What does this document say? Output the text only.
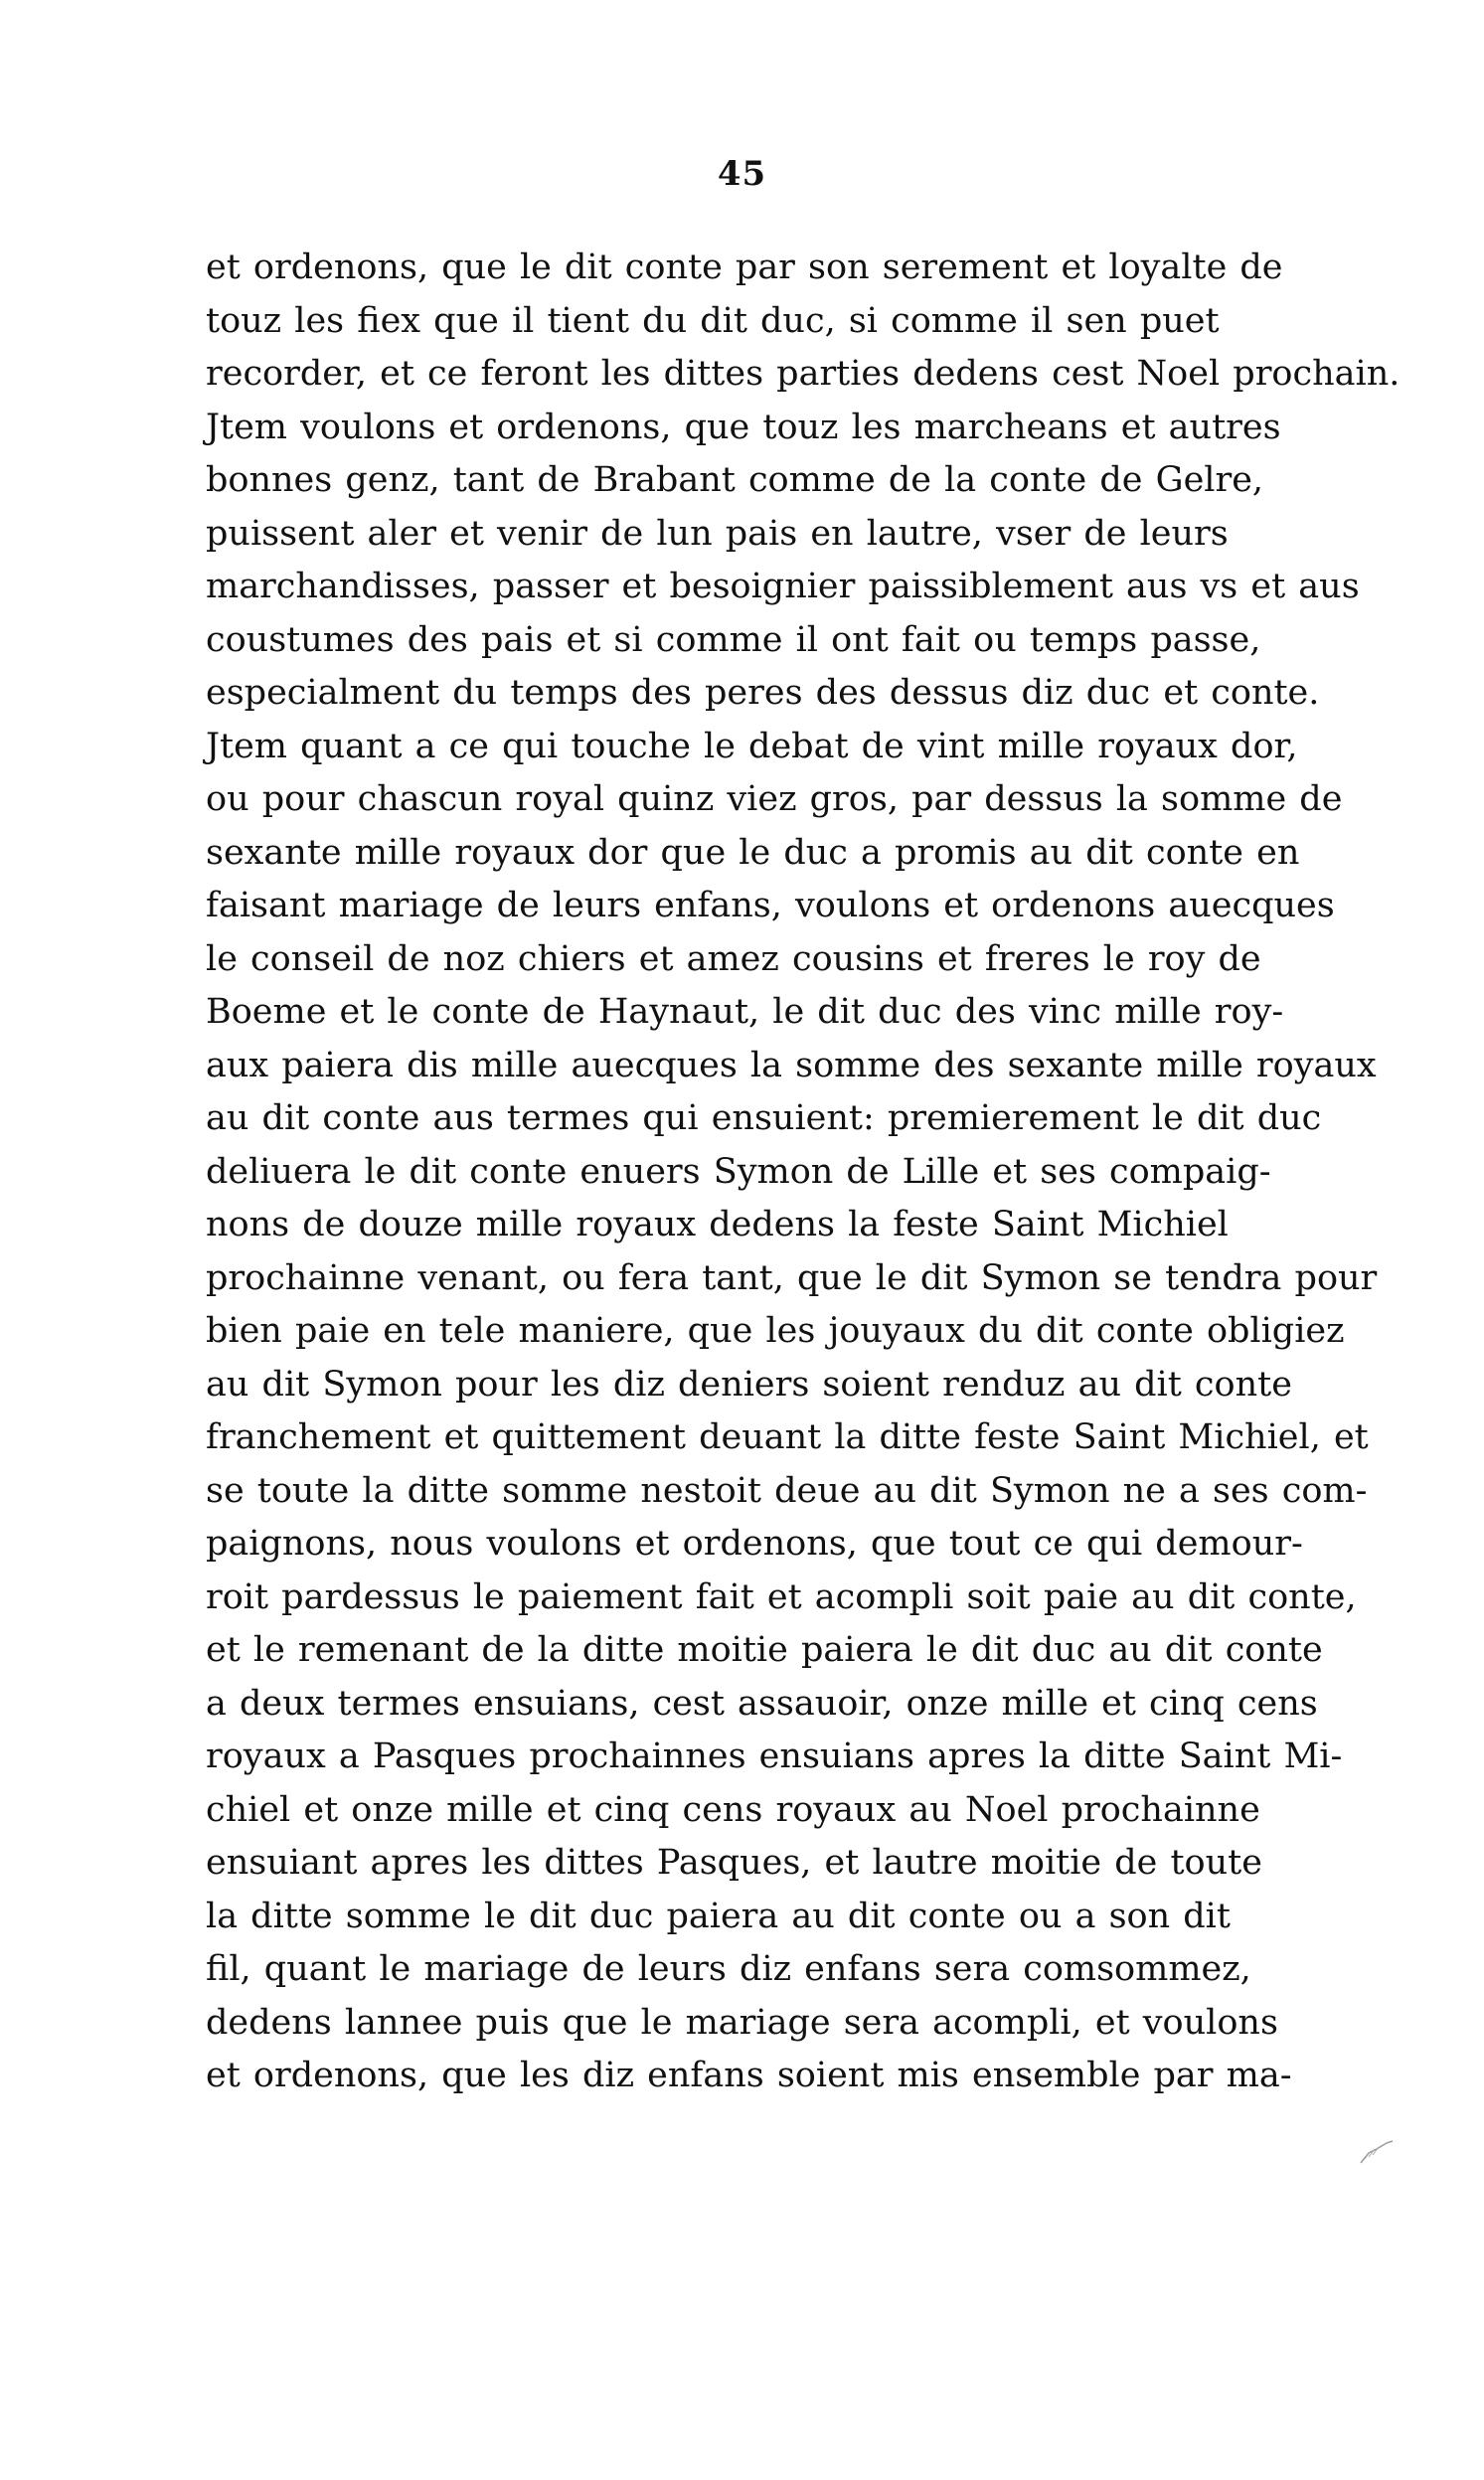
45
et ordenons, que le dit conte par son serement et loyalte de
touz les fiex que il tient du dit duc, si comme il sen puet
recorder, et ce feront les dittes parties dedens cest Noel prochain.
Jtem voulons et ordenons, que touz les marcheans et autres
bonnes genz, tant de Brabant comme de la conte de Gelre,
puissent aler et venir de lun pais en lautre, vser de leurs
marchandisses, passer et besoignier paissiblement aus vs et aus
coustumes des pais et si comme il ont fait ou temps passe,
especialment du temps des peres des dessus diz duc et conte.
Jtem quant a ce qui touche le debat de vint mille royaux dor,
ou pour chascun royal quinz viez gros, par dessus la somme de
sexante mille royaux dor que le duc a promis au dit conte en
faisant mariage de leurs enfans, voulons et ordenons auecques
le conseil de noz chiers et amez cousins et freres le roy de
Boeme et le conte de Haynaut, le dit duc des vinc mille roy-
aux paiera dis mille auecques la somme des sexante mille royaux
au dit conte aus termes qui ensuient: premierement le dit duc
deliuera le dit conte enuers Symon de Lille et ses compaig-
nons de douze mille royaux dedens la feste Saint Michiel
prochainne venant, ou fera tant, que le dit Symon se tendra pour
bien paie en tele maniere, que les jouyaux du dit conte obligiez
au dit Symon pour les diz deniers soient renduz au dit conte
franchement et quittement deuant la ditte feste Saint Michiel, et
se toute la ditte somme nestoit deue au dit Symon ne a ses com-
paignons, nous voulons et ordenons, que tout ce qui demour-
roit pardessus le paiement fait et acompli soit paie au dit conte,
et le remenant de la ditte moitie paiera le dit duc au dit conte
a deux termes ensuians, cest assauoir, onze mille et cinq cens
royaux a Pasques prochainnes ensuians apres la ditte Saint Mi-
chiel et onze mille et cinq cens royaux au Noel prochainne
ensuiant apres les dittes Pasques, et lautre moitie de toute
la ditte somme le dit duc paiera au dit conte ou a son dit
fil, quant le mariage de leurs diz enfans sera comsommez,
dedens lannee puis que le mariage sera acompli, et voulons
et ordenons, que les diz enfans soient mis ensemble par ma-
